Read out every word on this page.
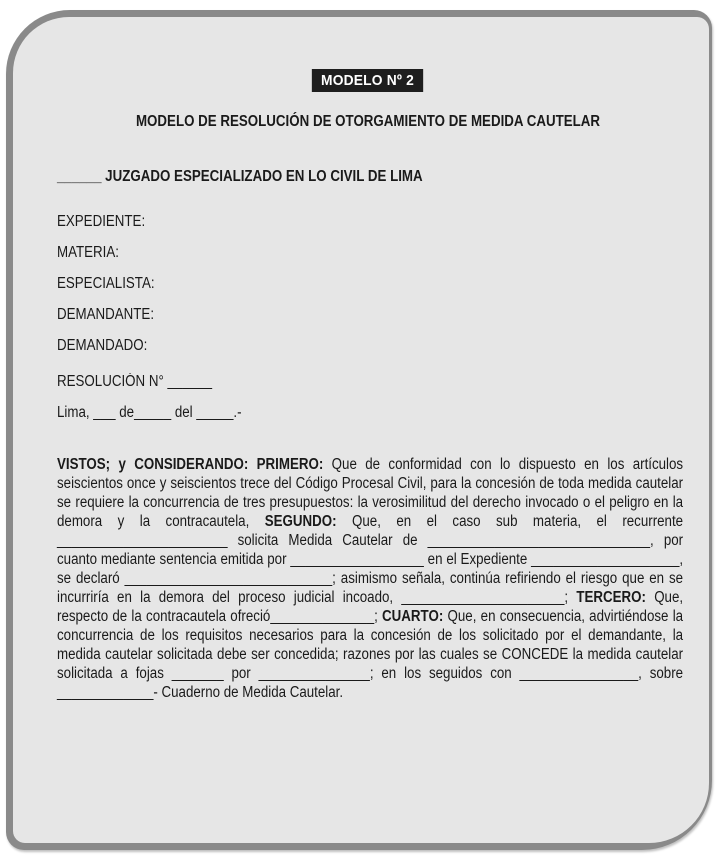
MODELO Nº 2
MODELO DE RESOLUCIÓN DE OTORGAMIENTO DE MEDIDA CAUTELAR
______ JUZGADO ESPECIALIZADO EN LO CIVIL DE LIMA
EXPEDIENTE:
MATERIA:
ESPECIALISTA:
DEMANDANTE:
DEMANDADO:
RESOLUCIÓN N° ______
Lima, ___ de_____ del _____.-

VISTOS; y CONSIDERANDO: PRIMERO: Que de conformidad con lo dispuesto en los artículos seiscientos once y seiscientos trece del Código Procesal Civil, para la concesión de toda medida cautelar se requiere la concurrencia de tres presupuestos: la verosimilitud del derecho invocado o el peligro en la demora y la contracautela, SEGUNDO: Que, en el caso sub materia, el recurrente _______________________ solicita Medida Cautelar de ______________________________, por cuanto mediante sentencia emitida por __________________ en el Expediente ____________________, se declaró ____________________________; asimismo señala, continúa refiriendo el riesgo que en se incurriría en la demora del proceso judicial incoado, ______________________; TERCERO: Que, respecto de la contracautela ofreció______________; CUARTO: Que, en consecuencia, advirtiéndose la concurrencia de los requisitos necesarios para la concesión de los solicitado por el demandante, la medida cautelar solicitada debe ser concedida; razones por las cuales se CONCEDE la medida cautelar solicitada a fojas _______ por _______________; en los seguidos con ________________, sobre _____________- Cuaderno de Medida Cautelar.
